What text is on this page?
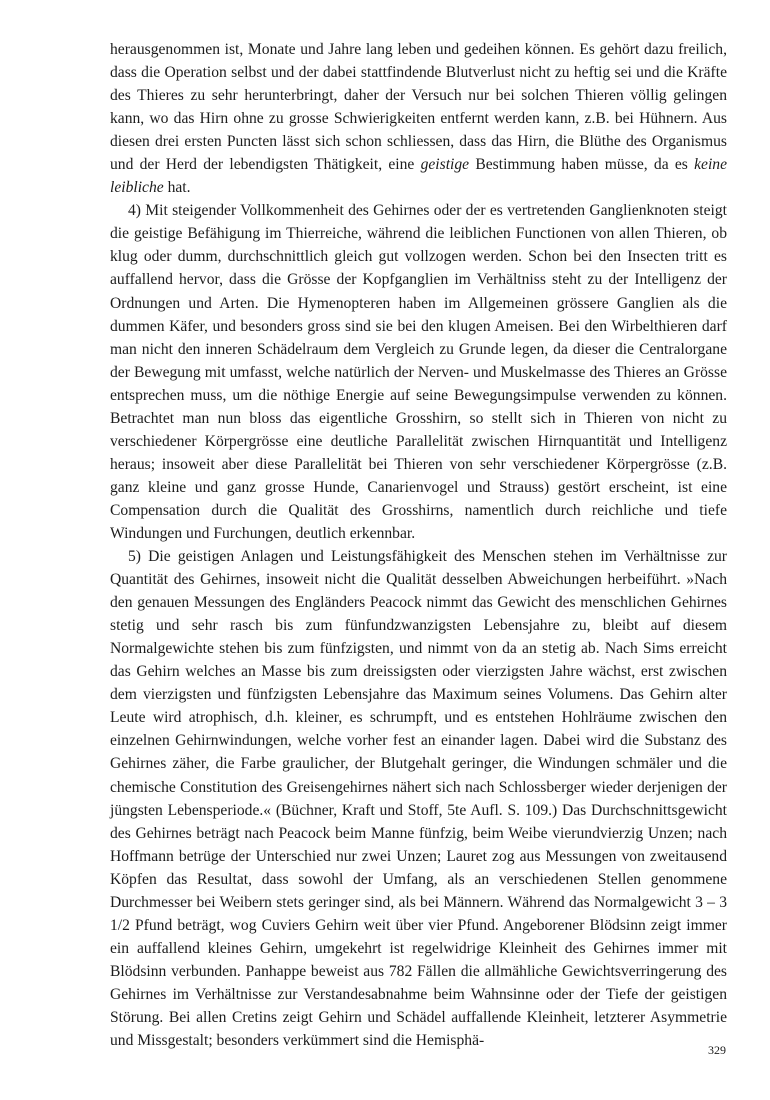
herausgenommen ist, Monate und Jahre lang leben und gedeihen können. Es gehört dazu freilich, dass die Operation selbst und der dabei stattfindende Blutverlust nicht zu heftig sei und die Kräfte des Thieres zu sehr herunterbringt, daher der Versuch nur bei solchen Thieren völlig gelingen kann, wo das Hirn ohne zu grosse Schwierigkeiten entfernt werden kann, z.B. bei Hühnern. Aus diesen drei ersten Puncten lässt sich schon schliessen, dass das Hirn, die Blüthe des Organismus und der Herd der lebendigsten Thätigkeit, eine geistige Bestimmung haben müsse, da es keine leibliche hat.

4) Mit steigender Vollkommenheit des Gehirnes oder der es vertretenden Ganglienknoten steigt die geistige Befähigung im Thierreiche, während die leiblichen Functionen von allen Thieren, ob klug oder dumm, durchschnittlich gleich gut vollzogen werden. Schon bei den Insecten tritt es auffallend hervor, dass die Grösse der Kopfganglien im Verhältniss steht zu der Intelligenz der Ordnungen und Arten. Die Hymenopteren haben im Allgemeinen grössere Ganglien als die dummen Käfer, und besonders gross sind sie bei den klugen Ameisen. Bei den Wirbelthieren darf man nicht den inneren Schädelraum dem Vergleich zu Grunde legen, da dieser die Centralorgane der Bewegung mit umfasst, welche natürlich der Nerven- und Muskelmasse des Thieres an Grösse entsprechen muss, um die nöthige Energie auf seine Bewegungsimpulse verwenden zu können. Betrachtet man nun bloss das eigentliche Grosshirn, so stellt sich in Thieren von nicht zu verschiedener Körpergrösse eine deutliche Parallelität zwischen Hirnquantität und Intelligenz heraus; insoweit aber diese Parallelität bei Thieren von sehr verschiedener Körpergrösse (z.B. ganz kleine und ganz grosse Hunde, Canarienvogel und Strauss) gestört erscheint, ist eine Compensation durch die Qualität des Grosshirns, namentlich durch reichliche und tiefe Windungen und Furchungen, deutlich erkennbar.

5) Die geistigen Anlagen und Leistungsfähigkeit des Menschen stehen im Verhältnisse zur Quantität des Gehirnes, insoweit nicht die Qualität desselben Abweichungen herbeiführt. »Nach den genauen Messungen des Engländers Peacock nimmt das Gewicht des menschlichen Gehirnes stetig und sehr rasch bis zum fünfundzwanzigsten Lebensjahre zu, bleibt auf diesem Normalgewichte stehen bis zum fünfzigsten, und nimmt von da an stetig ab. Nach Sims erreicht das Gehirn welches an Masse bis zum dreissigsten oder vierzigsten Jahre wächst, erst zwischen dem vierzigsten und fünfzigsten Lebensjahre das Maximum seines Volumens. Das Gehirn alter Leute wird atrophisch, d.h. kleiner, es schrumpft, und es entstehen Hohlräume zwischen den einzelnen Gehirnwindungen, welche vorher fest an einander lagen. Dabei wird die Substanz des Gehirnes zäher, die Farbe graulicher, der Blutgehalt geringer, die Windungen schmäler und die chemische Constitution des Greisengehirnes nähert sich nach Schlossberger wieder derjenigen der jüngsten Lebensperiode.« (Büchner, Kraft und Stoff, 5te Aufl. S. 109.) Das Durchschnittsgewicht des Gehirnes beträgt nach Peacock beim Manne fünfzig, beim Weibe vierundvierzig Unzen; nach Hoffmann betrüge der Unterschied nur zwei Unzen; Lauret zog aus Messungen von zweitausend Köpfen das Resultat, dass sowohl der Umfang, als an verschiedenen Stellen genommene Durchmesser bei Weibern stets geringer sind, als bei Männern. Während das Normalgewicht 3 – 3 1/2 Pfund beträgt, wog Cuviers Gehirn weit über vier Pfund. Angeborener Blödsinn zeigt immer ein auffallend kleines Gehirn, umgekehrt ist regelwidrige Kleinheit des Gehirnes immer mit Blödsinn verbunden. Panhappe beweist aus 782 Fällen die allmähliche Gewichtsverringerung des Gehirnes im Verhältnisse zur Verstandesabnahme beim Wahnsinne oder der Tiefe der geistigen Störung. Bei allen Cretins zeigt Gehirn und Schädel auffallende Kleinheit, letzterer Asymmetrie und Missgestalt; besonders verkümmert sind die Hemisphä-

329
